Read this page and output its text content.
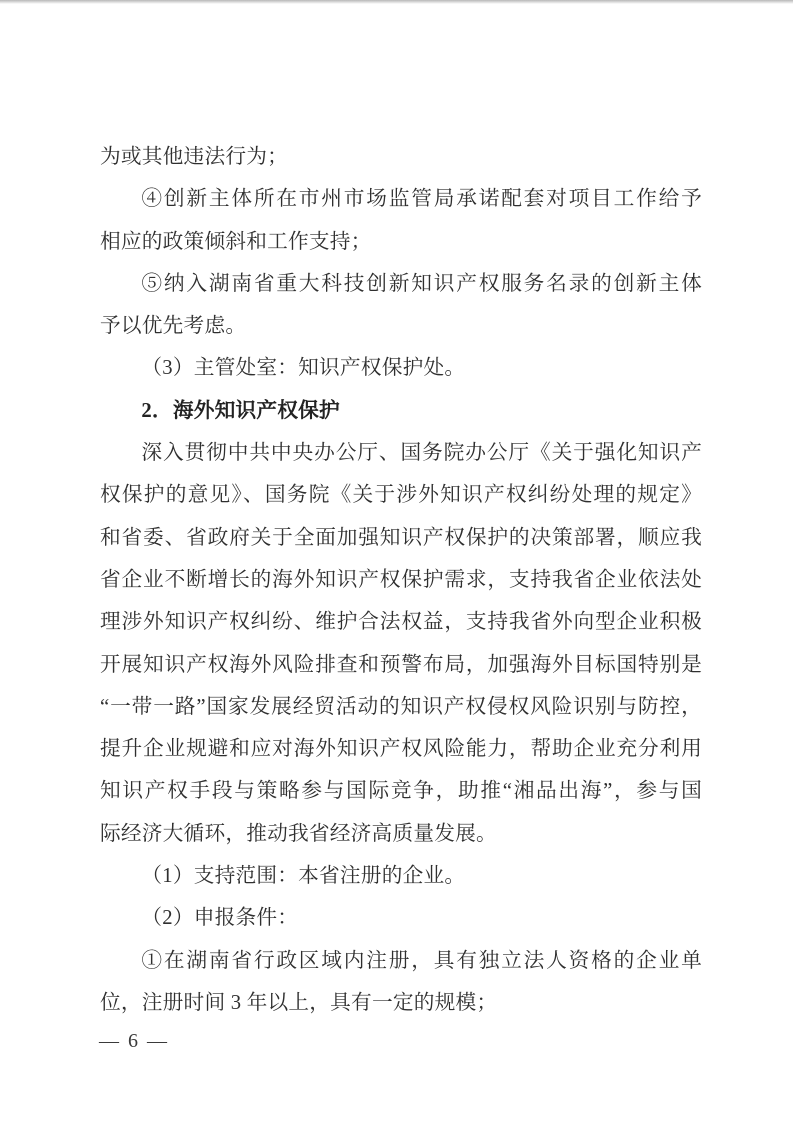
为或其他违法行为；
④创新主体所在市州市场监管局承诺配套对项目工作给予
相应的政策倾斜和工作支持；
⑤纳入湖南省重大科技创新知识产权服务名录的创新主体
予以优先考虑。
（3）主管处室：知识产权保护处。
2．海外知识产权保护
深入贯彻中共中央办公厅、国务院办公厅《关于强化知识产
权保护的意见》、国务院《关于涉外知识产权纠纷处理的规定》
和省委、省政府关于全面加强知识产权保护的决策部署，顺应我
省企业不断增长的海外知识产权保护需求，支持我省企业依法处
理涉外知识产权纠纷、维护合法权益，支持我省外向型企业积极
开展知识产权海外风险排查和预警布局，加强海外目标国特别是
“一带一路”国家发展经贸活动的知识产权侵权风险识别与防控，
提升企业规避和应对海外知识产权风险能力，帮助企业充分利用
知识产权手段与策略参与国际竞争，助推“湘品出海”，参与国
际经济大循环，推动我省经济高质量发展。
（1）支持范围：本省注册的企业。
（2）申报条件：
①在湖南省行政区域内注册，具有独立法人资格的企业单
位，注册时间 3 年以上，具有一定的规模；
— 6 —
